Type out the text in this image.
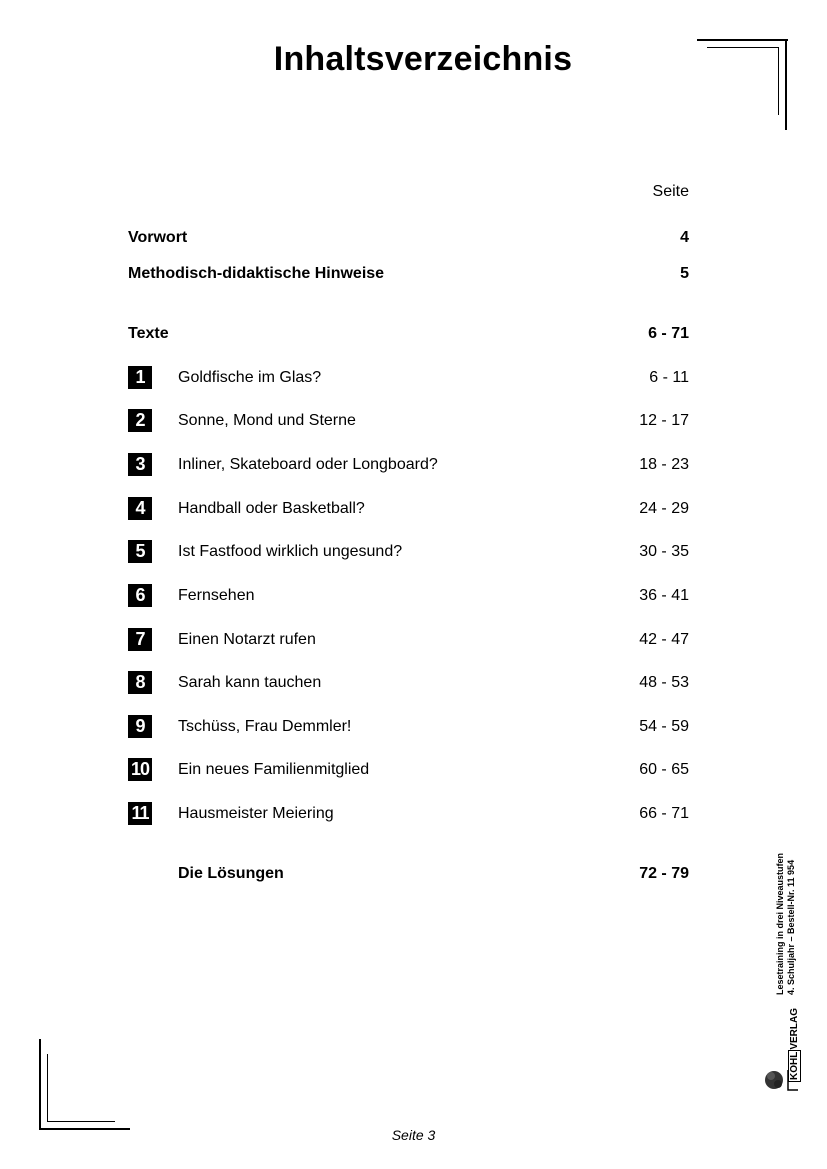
Inhaltsverzeichnis
Seite
Vorwort	4
Methodisch-didaktische Hinweise	5
Texte	6 - 71
1	Goldfische im Glas?	6 - 11
2	Sonne, Mond und Sterne	12 - 17
3	Inliner, Skateboard oder Longboard?	18 - 23
4	Handball oder Basketball?	24 - 29
5	Ist Fastfood wirklich ungesund?	30 - 35
6	Fernsehen	36 - 41
7	Einen Notarzt rufen	42 - 47
8	Sarah kann tauchen	48 - 53
9	Tschüss, Frau Demmler!	54 - 59
10 Ein neues Familienmitglied	60 - 65
11 Hausmeister Meiering	66 - 71
Die Lösungen	72 - 79	Lesetraining in drei Niveaustufen 4. Schuljahr – Bestell-Nr. 11 954
KOHLVERLAG
Seite 3
